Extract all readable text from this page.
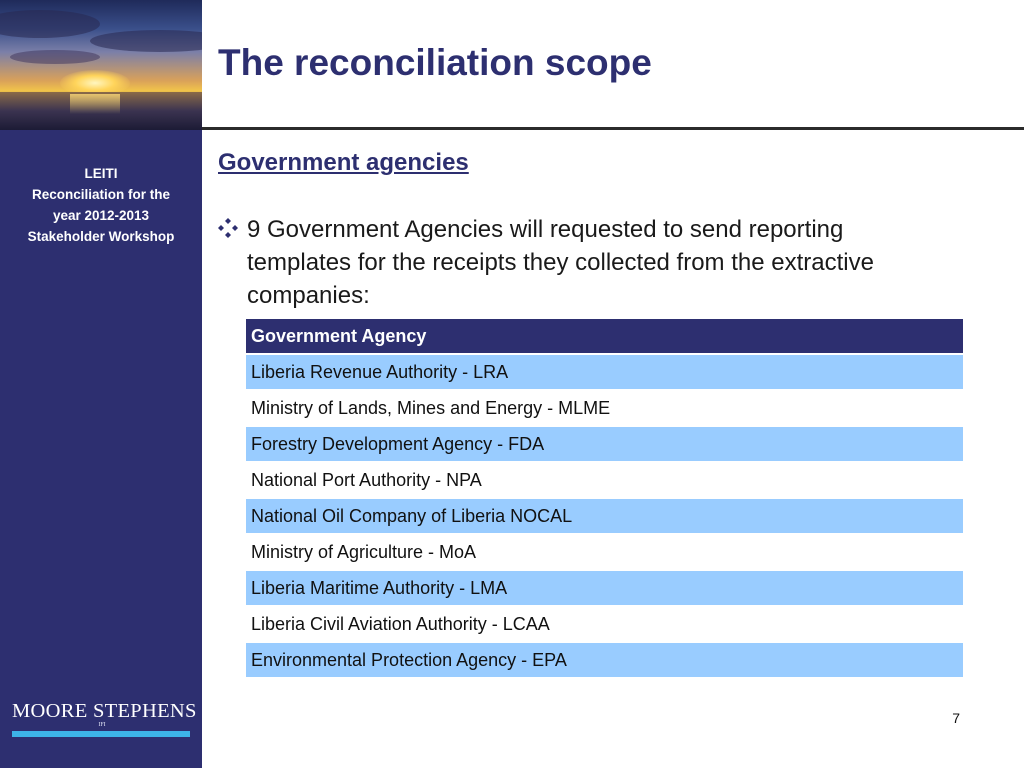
LEITI
Reconciliation for the
year 2012-2013
Stakeholder Workshop
MOORE STEPHENS
IFI
The reconciliation scope
Government agencies
9 Government Agencies will requested to send reporting templates for the receipts they collected from the extractive companies:
Government Agency
Liberia Revenue Authority - LRA
Ministry of Lands, Mines and Energy - MLME
Forestry Development Agency - FDA
National Port Authority - NPA
National Oil Company of Liberia NOCAL
Ministry of Agriculture - MoA
Liberia Maritime Authority - LMA
Liberia Civil Aviation Authority - LCAA
Environmental Protection Agency - EPA
7
